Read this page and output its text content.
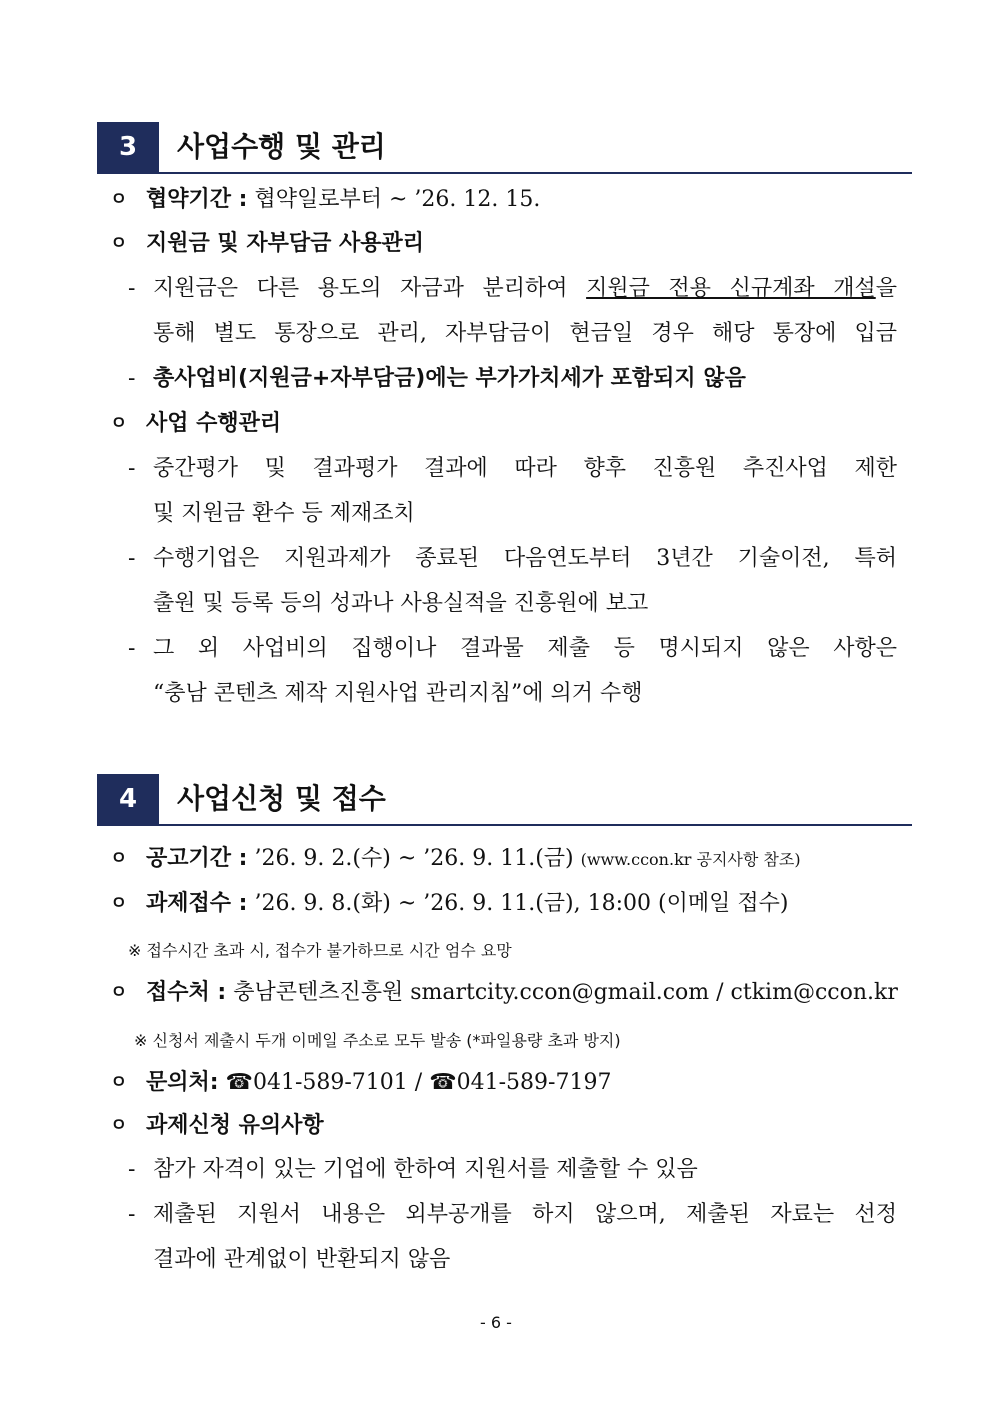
3	사업수행 및 관리
ㅇ 협약기간 : 협약일로부터 ~ ’26. 12. 15.
ㅇ 지원금 및 자부담금 사용관리
- 지원금은 다른 용도의 자금과 분리하여 지원금 전용 신규계좌 개설을
통해 별도 통장으로 관리, 자부담금이 현금일 경우 해당 통장에 입금
- 총사업비(지원금+자부담금)에는 부가가치세가 포함되지 않음
ㅇ 사업 수행관리
- 중간평가 및 결과평가 결과에 따라 향후 진흥원 추진사업 제한
및 지원금 환수 등 제재조치
- 수행기업은 지원과제가 종료된 다음연도부터 3년간 기술이전, 특허
출원 및 등록 등의 성과나 사용실적을 진흥원에 보고
- 그 외 사업비의 집행이나 결과물 제출 등 명시되지 않은 사항은
“충남 콘텐츠 제작 지원사업 관리지침”에 의거 수행
4	사업신청 및 접수
ㅇ 공고기간 : ’26. 9. 2.(수) ~ ’26. 9. 11.(금) (www.ccon.kr 공지사항 참조)
ㅇ 과제접수 : ’26. 9. 8.(화) ~ ’26. 9. 11.(금), 18:00 (이메일 접수)
※ 접수시간 초과 시, 접수가 불가하므로 시간 엄수 요망
ㅇ 접수처 : 충남콘텐츠진흥원 smartcity.ccon@gmail.com / ctkim@ccon.kr
※ 신청서 제출시 두개 이메일 주소로 모두 발송 (*파일용량 초과 방지)
ㅇ 문의처: ☎041-589-7101 / ☎041-589-7197
ㅇ 과제신청 유의사항
- 참가 자격이 있는 기업에 한하여 지원서를 제출할 수 있음
- 제출된 지원서 내용은 외부공개를 하지 않으며, 제출된 자료는 선정
결과에 관계없이 반환되지 않음
- 6 -
